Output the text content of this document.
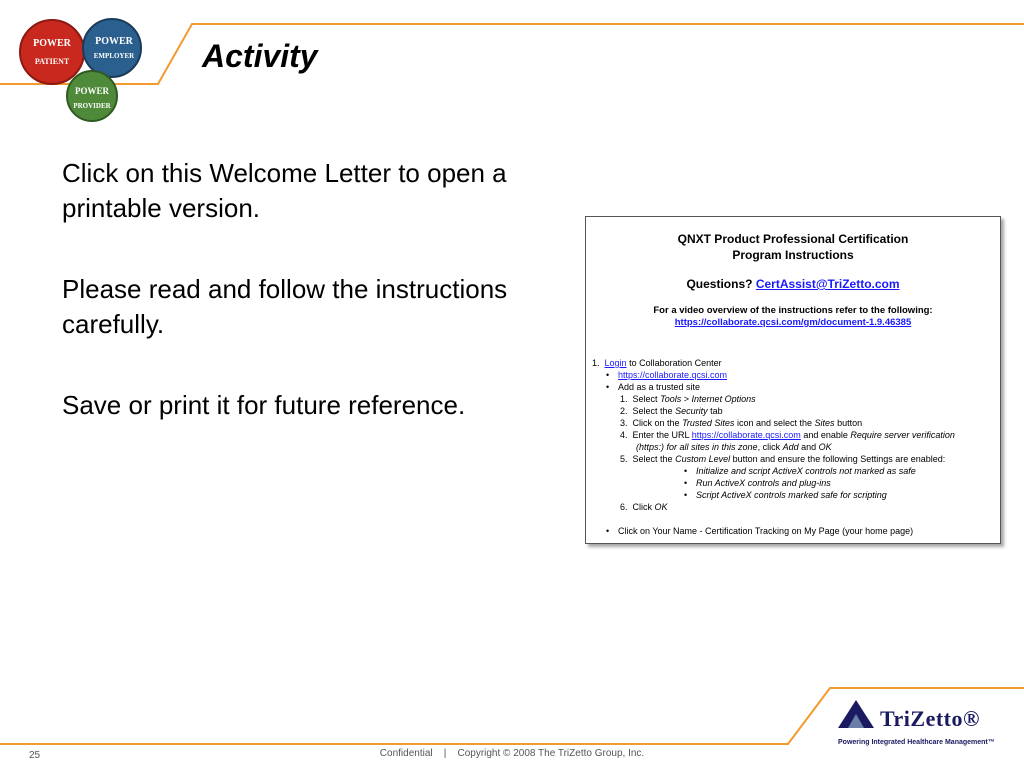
POWER
PATIENT
POWER
EMPLOYER
POWER
PROVIDER
Activity

Click on this Welcome Letter to open a printable version.

Please read and follow the instructions carefully.

Save or print it for future reference.

QNXT Product Professional Certification
Program Instructions
Questions? CertAssist@TriZetto.com
For a video overview of the instructions refer to the following:
https://collaborate.qcsi.com/gm/document-1.9.46385
1. Login to Collaboration Center
• https://collaborate.qcsi.com
• Add as a trusted site
1. Select Tools > Internet Options
2. Select the Security tab
3. Click on the Trusted Sites icon and select the Sites button
4. Enter the URL https://collaborate.qcsi.com and enable Require server verification
(https:) for all sites in this zone, click Add and OK
5. Select the Custom Level button and ensure the following Settings are enabled:
• Initialize and script ActiveX controls not marked as safe
• Run ActiveX controls and plug-ins
• Script ActiveX controls marked safe for scripting
6. Click OK
• Click on Your Name - Certification Tracking on My Page (your home page)
25	Confidential | Copyright © 2008 The TriZetto Group, Inc.
TriZetto®
Powering Integrated Healthcare Management™
